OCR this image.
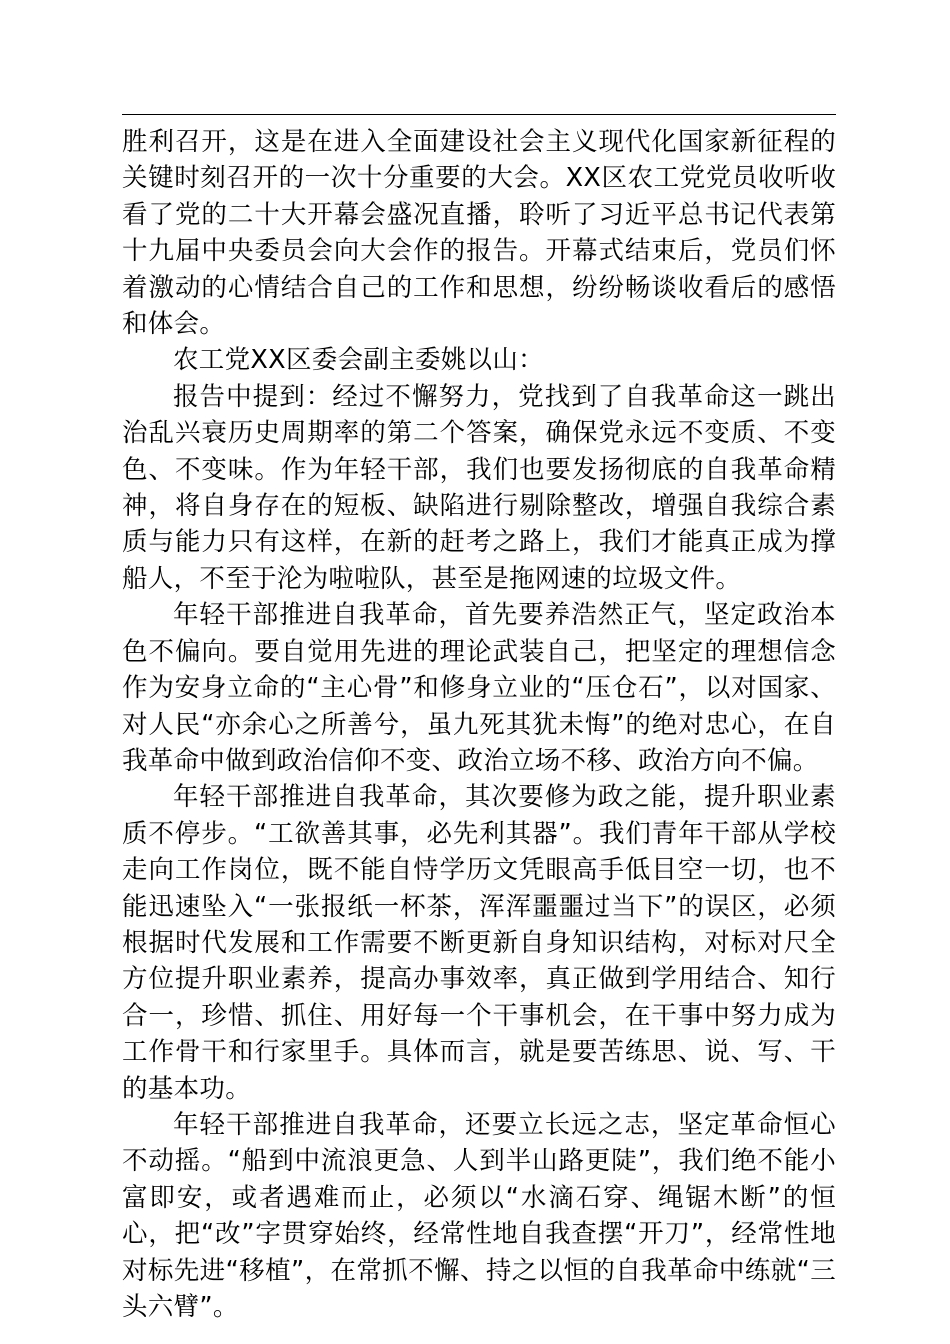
胜利召开，这是在进入全面建设社会主义现代化国家新征程的关键时刻召开的一次十分重要的大会。XX区农工党党员收听收看了党的二十大开幕会盛况直播，聆听了习近平总书记代表第十九届中央委员会向大会作的报告。开幕式结束后，党员们怀着激动的心情结合自己的工作和思想，纷纷畅谈收看后的感悟和体会。

农工党XX区委会副主委姚以山：

报告中提到：经过不懈努力，党找到了自我革命这一跳出治乱兴衰历史周期率的第二个答案，确保党永远不变质、不变色、不变味。作为年轻干部，我们也要发扬彻底的自我革命精神，将自身存在的短板、缺陷进行剔除整改，增强自我综合素质与能力只有这样，在新的赶考之路上，我们才能真正成为撑船人，不至于沦为啦啦队，甚至是拖网速的垃圾文件。

年轻干部推进自我革命，首先要养浩然正气，坚定政治本色不偏向。要自觉用先进的理论武装自己，把坚定的理想信念作为安身立命的“主心骨”和修身立业的“压仓石”，以对国家、对人民“亦余心之所善兮，虽九死其犹未悔”的绝对忠心，在自我革命中做到政治信仰不变、政治立场不移、政治方向不偏。

年轻干部推进自我革命，其次要修为政之能，提升职业素质不停步。“工欲善其事，必先利其器”。我们青年干部从学校走向工作岗位，既不能自恃学历文凭眼高手低目空一切，也不能迅速坠入“一张报纸一杯茶，浑浑噩噩过当下”的误区，必须根据时代发展和工作需要不断更新自身知识结构，对标对尺全方位提升职业素养，提高办事效率，真正做到学用结合、知行合一，珍惜、抓住、用好每一个干事机会，在干事中努力成为工作骨干和行家里手。具体而言，就是要苦练思、说、写、干的基本功。

年轻干部推进自我革命，还要立长远之志，坚定革命恒心不动摇。“船到中流浪更急、人到半山路更陡”，我们绝不能小富即安，或者遇难而止，必须以“水滴石穿、绳锯木断”的恒心，把“改”字贯穿始终，经常性地自我查摆“开刀”，经常性地对标先进“移植”，在常抓不懈、持之以恒的自我革命中练就“三头六臂”。
